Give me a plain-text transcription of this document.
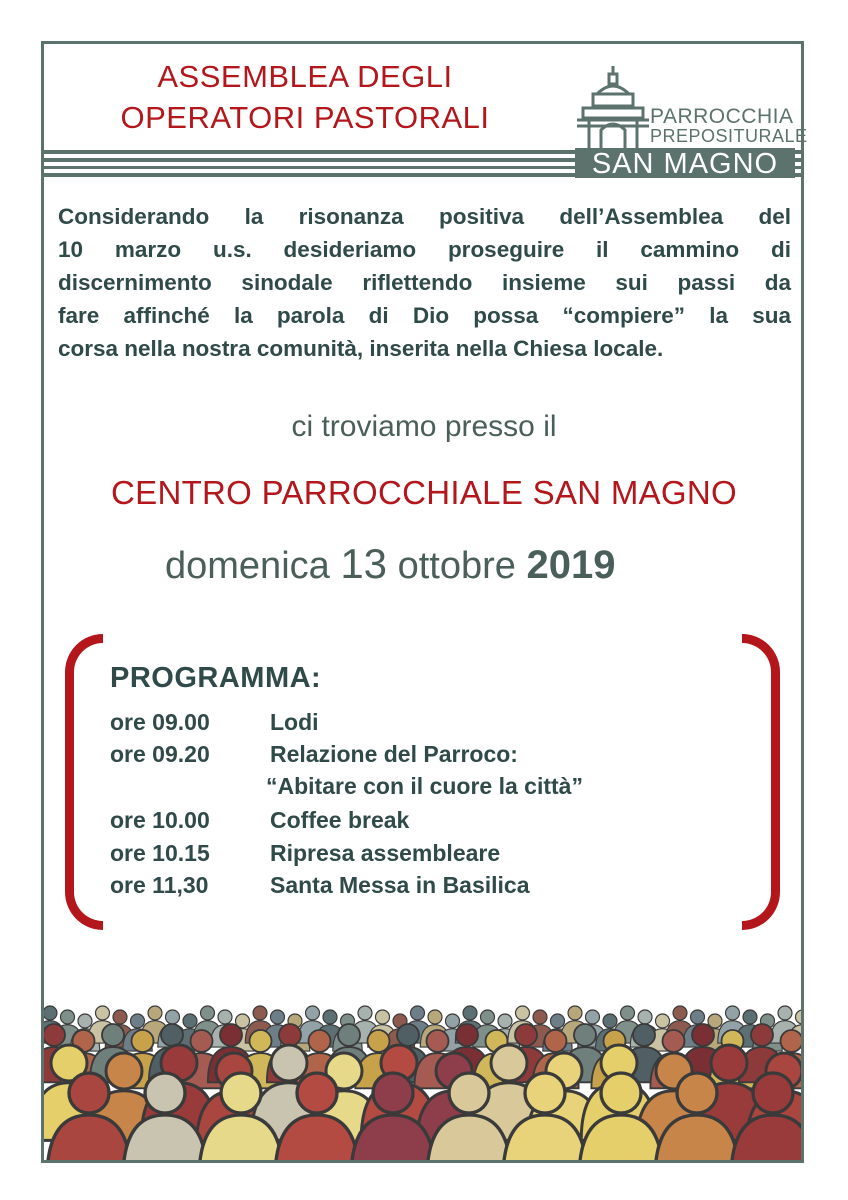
ASSEMBLEA DEGLI
OPERATORI PASTORALI	PARROCCHIA
PREPOSITURALE
SAN MAGNO
Considerando la risonanza positiva dell’Assemblea del
10 marzo u.s. desideriamo proseguire il cammino di
discernimento sinodale riflettendo insieme sui passi da
fare affinché la parola di Dio possa “compiere” la sua
corsa nella nostra comunità, inserita nella Chiesa locale.
ci troviamo presso il
CENTRO PARROCCHIALE SAN MAGNO
domenica 13 ottobre 2019
PROGRAMMA:
ore 09.00	Lodi
ore 09.20	Relazione del Parroco:
“Abitare con il cuore la città”
ore 10.00	Coffee break
ore 10.15	Ripresa assembleare
ore 11,30	Santa Messa in Basilica
